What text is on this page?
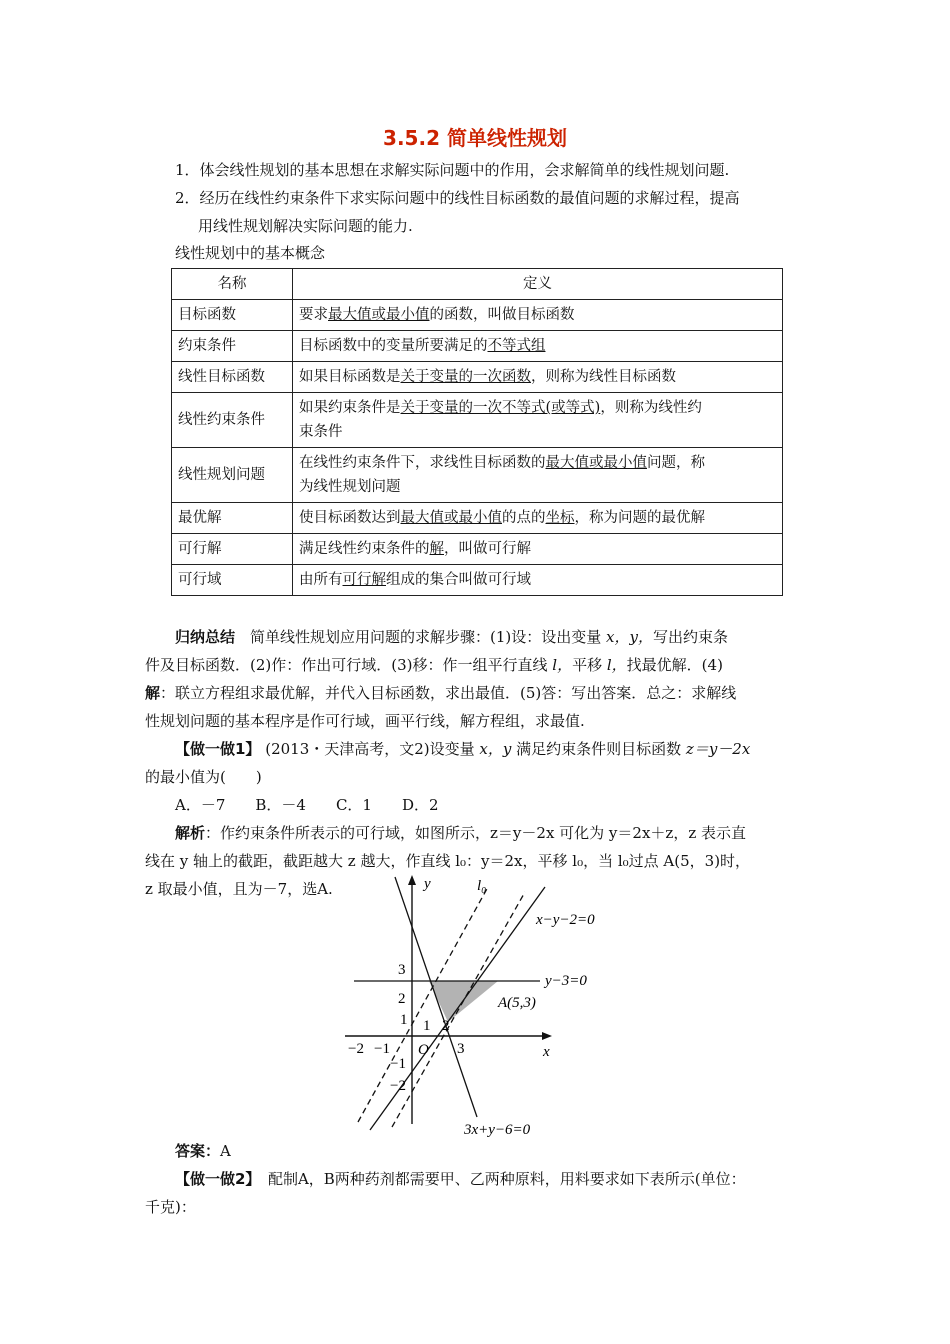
3.5.2 简单线性规划
1．体会线性规划的基本思想在求解实际问题中的作用，会求解简单的线性规划问题.
2．经历在线性约束条件下求实际问题中的线性目标函数的最值问题的求解过程，提高
用线性规划解决实际问题的能力.
线性规划中的基本概念
名称	定义
目标函数	要求最大值或最小值的函数，叫做目标函数
约束条件	目标函数中的变量所要满足的不等式组
线性目标函数	如果目标函数是关于变量的一次函数，则称为线性目标函数
线性约束条件	如果约束条件是关于变量的一次不等式(或等式)，则称为线性约
束条件
线性规划问题	在线性约束条件下，求线性目标函数的最大值或最小值问题，称
为线性规划问题
最优解	使目标函数达到最大值或最小值的点的坐标，称为问题的最优解
可行解	满足线性约束条件的解，叫做可行解
可行域	由所有可行解组成的集合叫做可行域
归纳总结　简单线性规划应用问题的求解步骤：(1)设：设出变量 x，y，写出约束条
件及目标函数．(2)作：作出可行域．(3)移：作一组平行直线 l，平移 l，找最优解．(4)
解：联立方程组求最优解，并代入目标函数，求出最值．(5)答：写出答案．总之：求解线
性规划问题的基本程序是作可行域，画平行线，解方程组，求最值.
【做一做1】 (2013・天津高考，文2)设变量 x，y 满足约束条件则目标函数 z＝y－2x
的最小值为(　　)
A．－7　　B．－4　　C．1　　D．2
解析：作约束条件所表示的可行域，如图所示，z＝y－2x 可化为 y＝2x＋z，z 表示直
线在 y 轴上的截距，截距越大 z 越大，作直线 l₀：y＝2x，平移 l₀，当 l₀过点 A(5，3)时，
z 取最小值，且为－7，选A.	y
x
l₀
x−y−2=0
y−3=0
3x+y−6=0
A(5,3)
O
3
2
1
−1
−2
−2 −1
1 2
3
答案：A
【做一做2】　配制A，B两种药剂都需要甲、乙两种原料，用料要求如下表所示(单位：
千克)：
